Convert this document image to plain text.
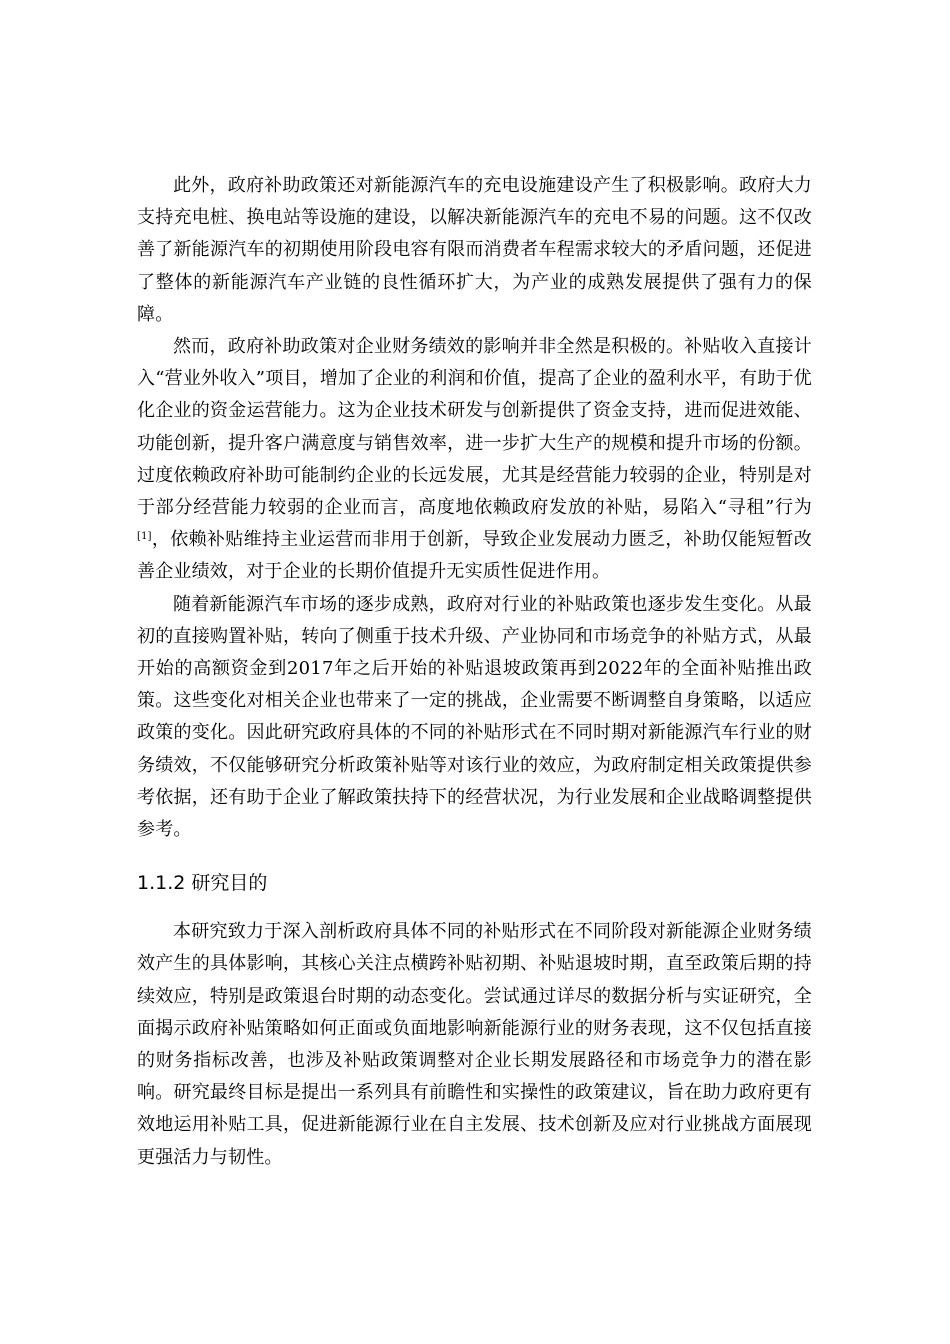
此外，政府补助政策还对新能源汽车的充电设施建设产生了积极影响。政府大力支持充电桩、换电站等设施的建设，以解决新能源汽车的充电不易的问题。这不仅改善了新能源汽车的初期使用阶段电容有限而消费者车程需求较大的矛盾问题，还促进了整体的新能源汽车产业链的良性循环扩大，为产业的成熟发展提供了强有力的保障。

然而，政府补助政策对企业财务绩效的影响并非全然是积极的。补贴收入直接计入“营业外收入”项目，增加了企业的利润和价值，提高了企业的盈利水平，有助于优化企业的资金运营能力。这为企业技术研发与创新提供了资金支持，进而促进效能、功能创新，提升客户满意度与销售效率，进一步扩大生产的规模和提升市场的份额。过度依赖政府补助可能制约企业的长远发展，尤其是经营能力较弱的企业，特别是对于部分经营能力较弱的企业而言，高度地依赖政府发放的补贴，易陷入“寻租”行为[1]，依赖补贴维持主业运营而非用于创新，导致企业发展动力匮乏，补助仅能短暂改善企业绩效，对于企业的长期价值提升无实质性促进作用。

随着新能源汽车市场的逐步成熟，政府对行业的补贴政策也逐步发生变化。从最初的直接购置补贴，转向了侧重于技术升级、产业协同和市场竞争的补贴方式，从最开始的高额资金到2017年之后开始的补贴退坡政策再到2022年的全面补贴推出政策。这些变化对相关企业也带来了一定的挑战，企业需要不断调整自身策略，以适应政策的变化。因此研究政府具体的不同的补贴形式在不同时期对新能源汽车行业的财务绩效，不仅能够研究分析政策补贴等对该行业的效应，为政府制定相关政策提供参考依据，还有助于企业了解政策扶持下的经营状况，为行业发展和企业战略调整提供参考。

1.1.2 研究目的

本研究致力于深入剖析政府具体不同的补贴形式在不同阶段对新能源企业财务绩效产生的具体影响，其核心关注点横跨补贴初期、补贴退坡时期，直至政策后期的持续效应，特别是政策退台时期的动态变化。尝试通过详尽的数据分析与实证研究，全面揭示政府补贴策略如何正面或负面地影响新能源行业的财务表现，这不仅包括直接的财务指标改善，也涉及补贴政策调整对企业长期发展路径和市场竞争力的潜在影响。研究最终目标是提出一系列具有前瞻性和实操性的政策建议，旨在助力政府更有效地运用补贴工具，促进新能源行业在自主发展、技术创新及应对行业挑战方面展现更强活力与韧性。
